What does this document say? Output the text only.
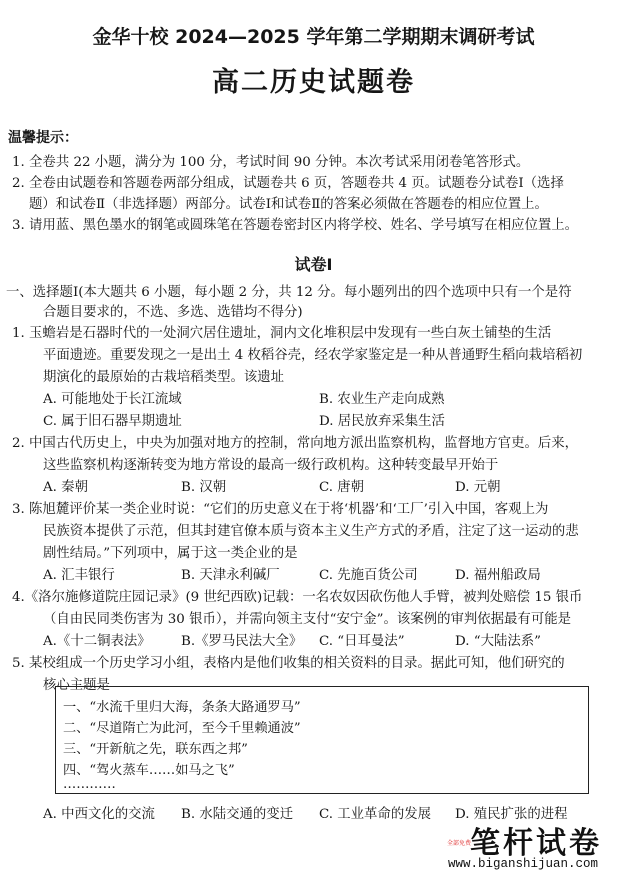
金华十校 2024—2025 学年第二学期期末调研考试
高二历史试题卷
温馨提示：
1. 全卷共 22 小题，满分为 100 分，考试时间 90 分钟。本次考试采用闭卷笔答形式。
2. 全卷由试题卷和答题卷两部分组成，试题卷共 6 页，答题卷共 4 页。试题卷分试卷Ⅰ（选择
题）和试卷Ⅱ（非选择题）两部分。试卷Ⅰ和试卷Ⅱ的答案必须做在答题卷的相应位置上。
3. 请用蓝、黑色墨水的钢笔或圆珠笔在答题卷密封区内将学校、姓名、学号填写在相应位置上。
试卷Ⅰ
一、选择题Ⅰ(本大题共 6 小题，每小题 2 分，共 12 分。每小题列出的四个选项中只有一个是符
合题目要求的，不选、多选、选错均不得分)
1. 玉蟾岩是石器时代的一处洞穴居住遗址，洞内文化堆积层中发现有一些白灰土铺垫的生活
平面遗迹。重要发现之一是出土 4 枚稻谷壳，经农学家鉴定是一种从普通野生稻向栽培稻初
期演化的最原始的古栽培稻类型。该遗址
A. 可能地处于长江流域	B. 农业生产走向成熟
C. 属于旧石器早期遗址	D. 居民放弃采集生活
2. 中国古代历史上，中央为加强对地方的控制，常向地方派出监察机构，监督地方官吏。后来，
这些监察机构逐渐转变为地方常设的最高一级行政机构。这种转变最早开始于
A. 秦朝	B. 汉朝	C. 唐朝	D. 元朝
3. 陈旭麓评价某一类企业时说：“它们的历史意义在于将‘机器’和‘工厂’引入中国，客观上为
民族资本提供了示范，但其封建官僚本质与资本主义生产方式的矛盾，注定了这一运动的悲
剧性结局。”下列项中，属于这一类企业的是
A. 汇丰银行	B. 天津永利碱厂	C. 先施百货公司	D. 福州船政局
4.《洛尔施修道院庄园记录》(9 世纪西欧)记载：一名农奴因砍伤他人手臂，被判处赔偿 15 银币
（自由民同类伤害为 30 银币），并需向领主支付“安宁金”。该案例的审判依据最有可能是
A.《十二铜表法》 B.《罗马民法大全》 C. “日耳曼法”	D. “大陆法系”
5. 某校组成一个历史学习小组，表格内是他们收集的相关资料的目录。据此可知，他们研究的
核心主题是
一、“水流千里归大海，条条大路通罗马”
二、“尽道隋亡为此河，至今千里赖通波”
三、“开新航之先，联东西之邦”
四、“驾火蒸车……如马之飞”
…………
A. 中西文化的交流 B. 水陆交通的变迁 C. 工业革命的发展 D. 殖民扩张的进程
笔杆试卷
全部免费
www.biganshijuan.com
